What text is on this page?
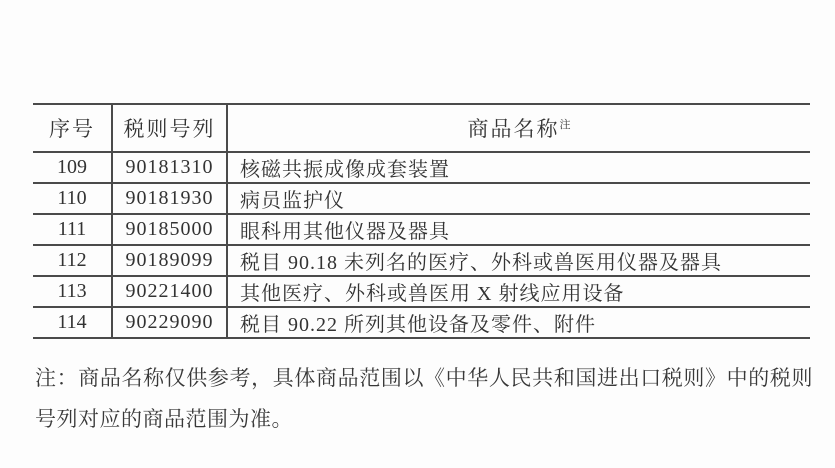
序号	税则号列	商品名称$^注$
109	90181310	核磁共振成像成套装置
110	90181930	病员监护仪
111	90185000	眼科用其他仪器及器具
112	90189099	税目 90.18 未列名的医疗、外科或兽医用仪器及器具
113	90221400	其他医疗、外科或兽医用 X 射线应用设备
114	90229090	税目 90.22 所列其他设备及零件、附件
注：商品名称仅供参考，具体商品范围以《中华人民共和国进出口税则》中的税则号列对应的商品范围为准。
